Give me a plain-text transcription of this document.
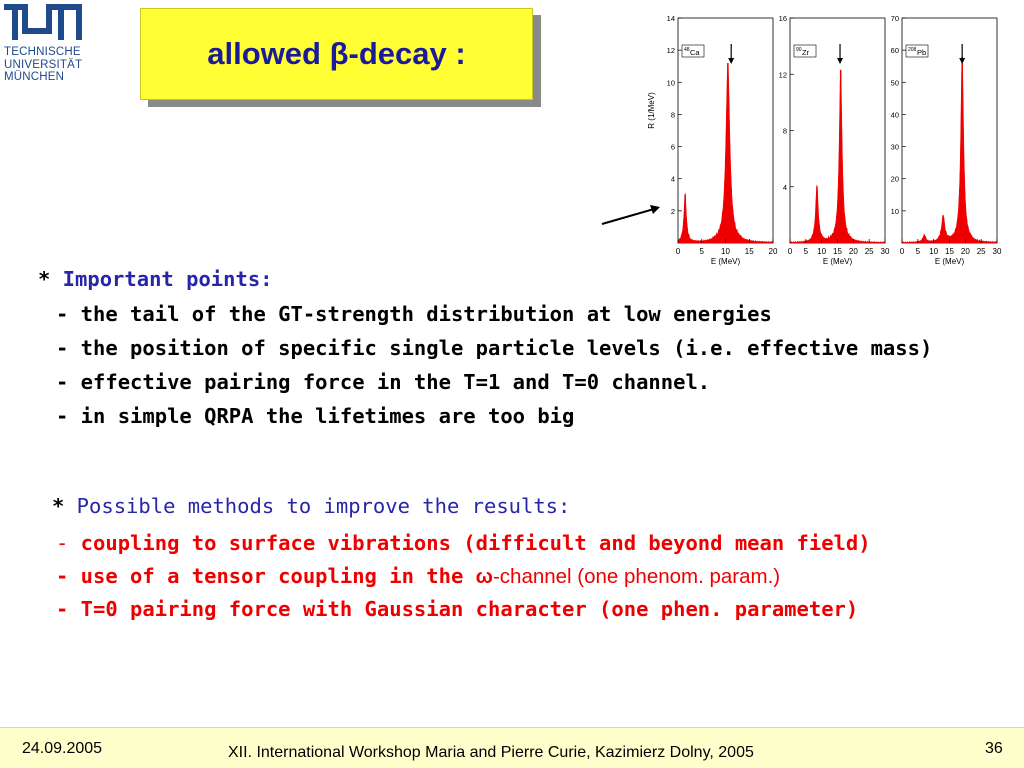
TECHNISCHE
UNIVERSITÄT
MÜNCHEN
allowed β-decay :
0 5 10 15 20
2
4
6
8
10
12
14
E (MeV)
R (1/MeV)
48 Ca
0 5 10 15 20 25 30
4
8
12
16
E (MeV)
90 Zr
0 5 10 15 20 25 30
10
20
30
40
50
60
70
E (MeV)
208 Pb
* Important points:
- the tail of the GT-strength distribution at low energies
- the position of specific single particle levels (i.e. effective mass)
- effective pairing force in the T=1 and T=0 channel.
- in simple QRPA the lifetimes are too big
* Possible methods to improve the results:
- coupling to surface vibrations (difficult and beyond mean field)
- use of a tensor coupling in the ω-channel (one phenom. param.)
- T=0 pairing force with Gaussian character (one phen. parameter)
24.09.2005	XII. International Workshop Maria and Pierre Curie, Kazimierz Dolny, 2005	36
